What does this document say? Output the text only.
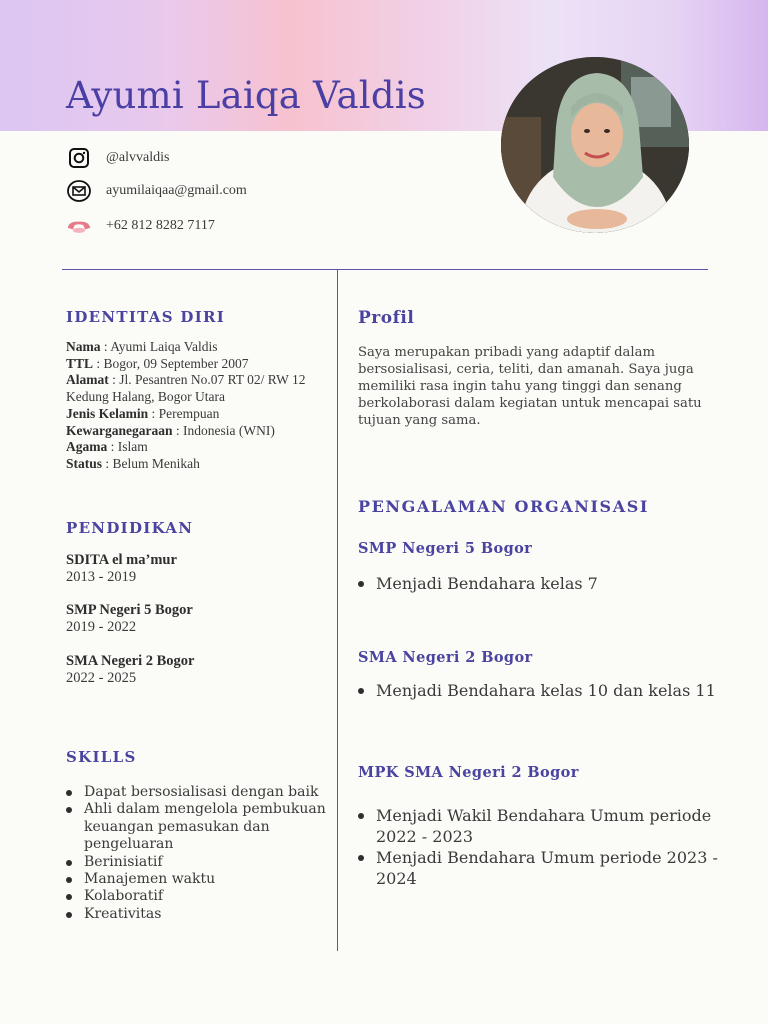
Ayumi Laiqa Valdis
@alvvaldis
ayumilaiqaa@gmail.com
+62 812 8282 7117
IDENTITAS DIRI
Nama : Ayumi Laiqa Valdis
TTL : Bogor, 09 September 2007
Alamat : Jl. Pesantren No.07 RT 02/ RW 12 Kedung Halang, Bogor Utara
Jenis Kelamin : Perempuan
Kewarganegaraan : Indonesia (WNI)
Agama : Islam
Status : Belum Menikah
PENDIDIKAN
SDITA el ma’mur
2013 - 2019
SMP Negeri 5 Bogor
2019 - 2022
SMA Negeri 2 Bogor
2022 - 2025
SKILLS
Dapat bersosialisasi dengan baik
Ahli dalam mengelola pembukuan keuangan pemasukan dan pengeluaran
Berinisiatif
Manajemen waktu
Kolaboratif
Kreativitas
Profil
Saya merupakan pribadi yang adaptif dalam bersosialisasi, ceria, teliti, dan amanah. Saya juga memiliki rasa ingin tahu yang tinggi dan senang berkolaborasi dalam kegiatan untuk mencapai satu tujuan yang sama.
PENGALAMAN ORGANISASI
SMP Negeri 5 Bogor
Menjadi Bendahara kelas 7
SMA Negeri 2 Bogor
Menjadi Bendahara kelas 10 dan kelas 11
MPK SMA Negeri 2 Bogor
Menjadi Wakil Bendahara Umum periode 2022 - 2023
Menjadi Bendahara Umum periode 2023 - 2024
